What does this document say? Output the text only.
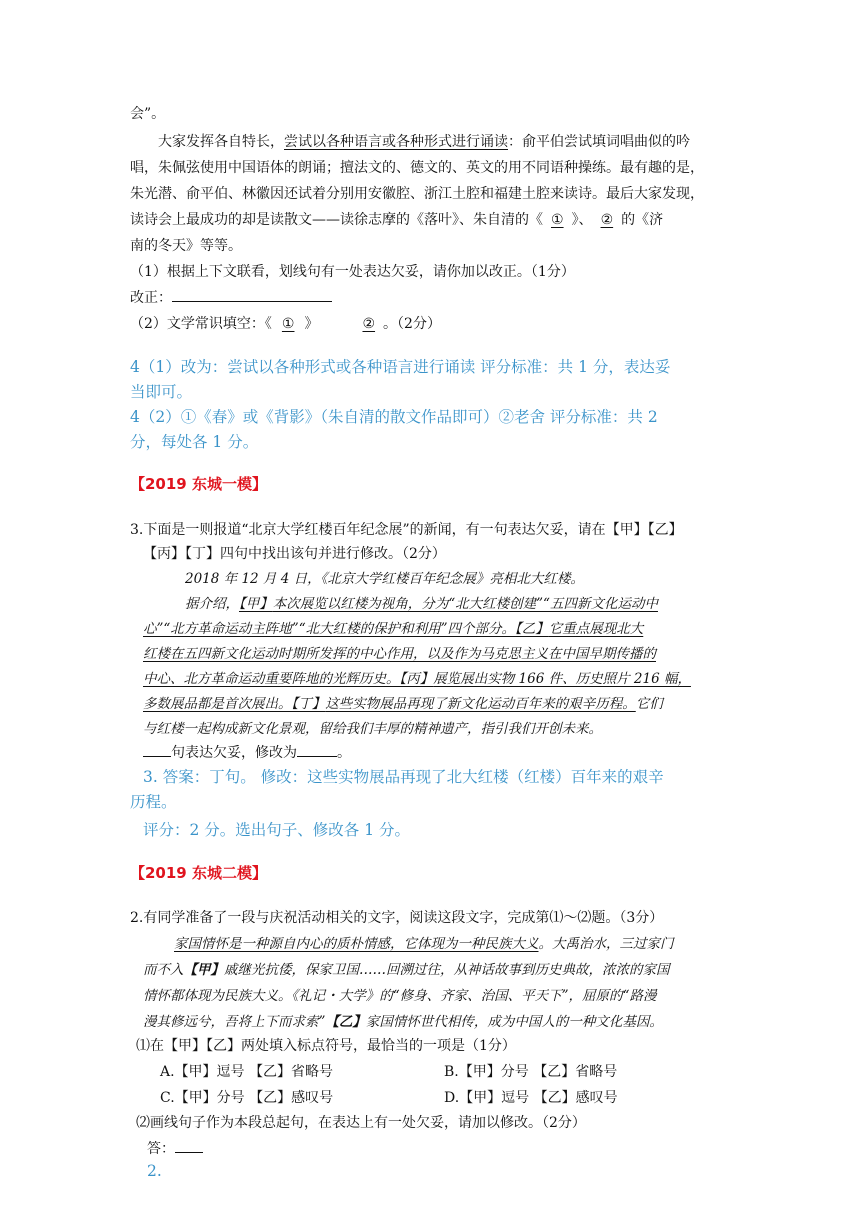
会”。
大家发挥各自特长，尝试以各种语言或各种形式进行诵读：俞平伯尝试填词唱曲似的吟
唱，朱佩弦使用中国语体的朗诵；擅法文的、德文的、英文的用不同语种操练。最有趣的是，
朱光潜、俞平伯、林徽因还试着分别用安徽腔、浙江土腔和福建土腔来读诗。最后大家发现，
读诗会上最成功的却是读散文——读徐志摩的《落叶》、朱自清的《 ① 》、 ② 的《济
南的冬天》等等。
（1）根据上下文联看，划线句有一处表达欠妥，请你加以改正。（1分）
改正：
（2）文学常识填空：《 ① 》	② 。（2分）
4（1）改为：尝试以各种形式或各种语言进行诵读 评分标准：共 1 分，表达妥
当即可。
4（2）①《春》或《背影》（朱自清的散文作品即可）②老舍 评分标准：共 2
分，每处各 1 分。
【2019 东城一模】
3.下面是一则报道“北京大学红楼百年纪念展”的新闻，有一句表达欠妥，请在【甲】【乙】
【丙】【丁】四句中找出该句并进行修改。（2分）
2018 年 12 月 4 日，《北京大学红楼百年纪念展》亮相北大红楼。
据介绍，【甲】本次展览以红楼为视角，分为“北大红楼创建”“五四新文化运动中
心”“北方革命运动主阵地”“北大红楼的保护和利用”四个部分。【乙】它重点展现北大
红楼在五四新文化运动时期所发挥的中心作用，以及作为马克思主义在中国早期传播的
中心、北方革命运动重要阵地的光辉历史。【丙】展览展出实物 166 件、历史照片 216 幅，
多数展品都是首次展出。【丁】这些实物展品再现了新文化运动百年来的艰辛历程。它们
与红楼一起构成新文化景观，留给我们丰厚的精神遗产，指引我们开创未来。
句表达欠妥，修改为	。
3. 答案：丁句。 修改：这些实物展品再现了北大红楼（红楼）百年来的艰辛
历程。
评分：2 分。选出句子、修改各 1 分。
【2019 东城二模】
2.有同学准备了一段与庆祝活动相关的文字，阅读这段文字，完成第⑴～⑵题。（3分）
家国情怀是一种源自内心的质朴情感，它体现为一种民族大义。大禹治水，三过家门
而不入【甲】戚继光抗倭，保家卫国……回溯过往，从神话故事到历史典故，浓浓的家国
情怀都体现为民族大义。《礼记・大学》的“修身、齐家、治国、平天下”，屈原的“路漫
漫其修远兮，吾将上下而求索”【乙】家国情怀世代相传，成为中国人的一种文化基因。
⑴在【甲】【乙】两处填入标点符号，最恰当的一项是（1分）
A.【甲】逗号 【乙】省略号	B.【甲】分号 【乙】省略号
C.【甲】分号 【乙】感叹号	D.【甲】逗号 【乙】感叹号
⑵画线句子作为本段总起句，在表达上有一处欠妥，请加以修改。（2分）
答：
2.
